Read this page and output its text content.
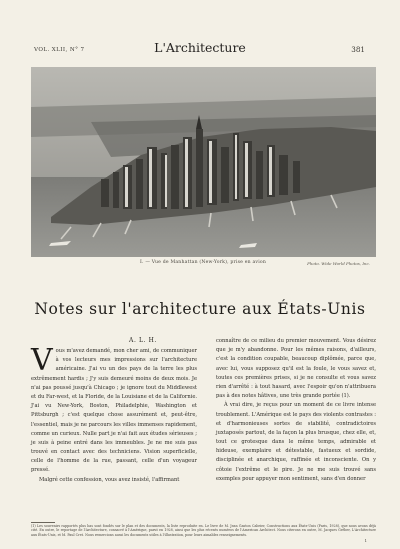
VOL. XLII, N° 7	L'Architecture	381
I. — Vue de Manhattan (New-York), prise en avion	Photo. Wide World Photos, Inc.
Notes sur l'architecture aux États-Unis
A. L. H.

Vous m'avez demandé, mon cher ami, de communiquer à vos lecteurs mes impressions sur l'architecture américaine. J'ai vu un des pays de la terre les plus extrêmement hardis ; J'y suis demeuré moins de deux mois. Je n'ai pas poussé jusqu'à Chicago ; je ignore tout du Middlewest et du Far-west, et la Floride, de la Louisiane et de la Californie. J'ai vu New-York, Boston, Philadelphie, Washington et Pittsburgh ; c'est quelque chose assurément et, peut-être, l'essentiel, mais je ne parcours les villes immenses rapidement, comme un curieux. Nulle part je n'ai fait aux études sérieuses ; je suis à peine entré dans les immeubles. Je ne me suis pas trouvé en contact avec des techniciens. Vision superficielle, celle de l'homme de la rue, passant, celle d'un voyageur pressé.

Malgré cette confession, vous avez insisté, l'affirmant

connaître de ce milieu du premier mouvement. Vous désirez que je m'y abandonne. Pour les mêmes raisons, d'ailleurs, c'est la condition coupable, beaucoup diplômée, parce que, avec lui, vous supposez qu'il est la foule, le vous savez et, toutes ces premières prises, si je ne consulte et vous savez rien d'arrêté : à tout hasard, avec l'espoir qu'on n'attribuera pas à des notes hâtives, une très grande portée (1).

À vrai dire, je reçus pour un moment de ce livre intense troublement. L'Amérique est le pays des violents contrastes : et d'harmonieuses sortes de stabilité, contradictoires juxtaposés partout, de la façon la plus brusque, chez elle, et, tout ce grotesque dans le même temps, admirable et hideuse, exemplaire et détestable, fastueux et sordide, disciplinée et anarchique, raffinée et inconsciente. On y côtoie l'extrême et le pire. Je ne me suis trouvé sans exemples pour appuyer mon sentiment, sans d'en donner

(1) Les souvenirs rapportés plus bas sont fondés sur le plan et des documents, la liste reproduite en. Le livre de M. Jean Gaston Cabrier, Constructions aux États-Unis (Paris, 1928), que nous avons déjà cité. En outre, le reportage de l'Architecture, consacré à l'Amérique, parut en 1928, ainsi que les plus récents numéros de l'American Architect. Nous citerons en outre, M. Jacques Gréber, L'Architecture aux États-Unis, et M. Paul Cret. Nous remercions aussi les documents utiles à l'illustration, pour leurs aimables renseignements.
1
